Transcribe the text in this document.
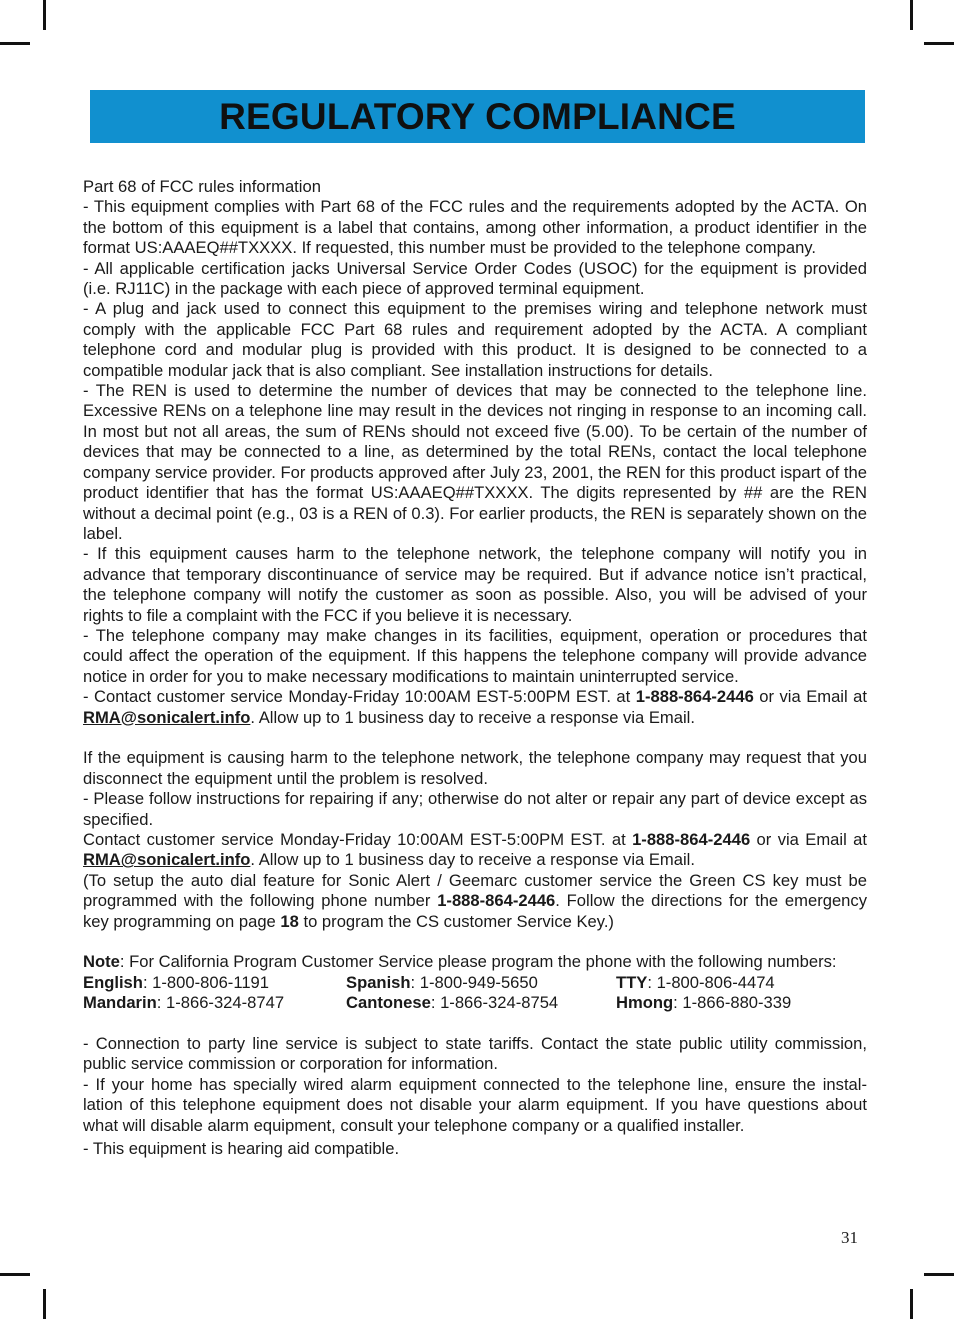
REGULATORY COMPLIANCE

Part 68 of FCC rules information

- This equipment complies with Part 68 of the FCC rules and the requirements adopted by the ACTA. On the bottom of this equipment is a label that contains, among other information, a product identifier in the format US:AAAEQ##TXXXX. If requested, this number must be provided to the telephone company.

- All applicable certification jacks Universal Service Order Codes (USOC) for the equipment is provided (i.e. RJ11C) in the package with each piece of approved terminal equipment.

- A plug and jack used to connect this equipment to the premises wiring and telephone network must comply with the applicable FCC Part 68 rules and requirement adopted by the ACTA. A compliant telephone cord and modular plug is provided with this product. It is designed to be connected to a compatible modular jack that is also compliant. See installation instructions for details.

- The REN is used to determine the number of devices that may be connected to the telephone line. Excessive RENs on a telephone line may result in the devices not ringing in response to an incoming call. In most but not all areas, the sum of RENs should not exceed five (5.00). To be certain of the number of devices that may be connected to a line, as determined by the total RENs, contact the local telephone company service provider. For products approved after July 23, 2001, the REN for this product ispart of the product identifier that has the format US:AAAEQ##TXXXX. The digits represented by ## are the REN without a decimal point (e.g., 03 is a REN of 0.3). For earlier products, the REN is separately shown on the label.

- If this equipment causes harm to the telephone network, the telephone company will notify you in advance that temporary discontinuance of service may be required. But if advance notice isn’t practical, the telephone company will notify the customer as soon as possible. Also, you will be advised of your rights to file a complaint with the FCC if you believe it is necessary.

- The telephone company may make changes in its facilities, equipment, operation or procedures that could affect the operation of the equipment. If this happens the telephone company will provide advance notice in order for you to make necessary modifications to maintain uninterrupted service.

- Contact customer service Monday-Friday 10:00AM EST-5:00PM EST. at 1-888-864-2446 or via Email at RMA@sonicalert.info. Allow up to 1 business day to receive a response via Email.

If the equipment is causing harm to the telephone network, the telephone company may request that you disconnect the equipment until the problem is resolved.

- Please follow instructions for repairing if any; otherwise do not alter or repair any part of device except as specified.

Contact customer service Monday-Friday 10:00AM EST-5:00PM EST. at 1-888-864-2446 or via Email at RMA@sonicalert.info. Allow up to 1 business day to receive a response via Email.

(To setup the auto dial feature for Sonic Alert / Geemarc customer service the Green CS key must be programmed with the following phone number 1-888-864-2446. Follow the directions for the emergency key programming on page 18 to program the CS customer Service Key.)

Note: For California Program Customer Service please program the phone with the following numbers:

English: 1-800-806-1191	Spanish: 1-800-949-5650	TTY: 1-800-806-4474
Mandarin: 1-866-324-8747	Cantonese: 1-866-324-8754	Hmong: 1-866-880-339

- Connection to party line service is subject to state tariffs. Contact the state public utility commission, public service commission or corporation for information.

- If your home has specially wired alarm equipment connected to the telephone line, ensure the instal-lation of this telephone equipment does not disable your alarm equipment. If you have questions about what will disable alarm equipment, consult your telephone company or a qualified installer.

- This equipment is hearing aid compatible.

31
